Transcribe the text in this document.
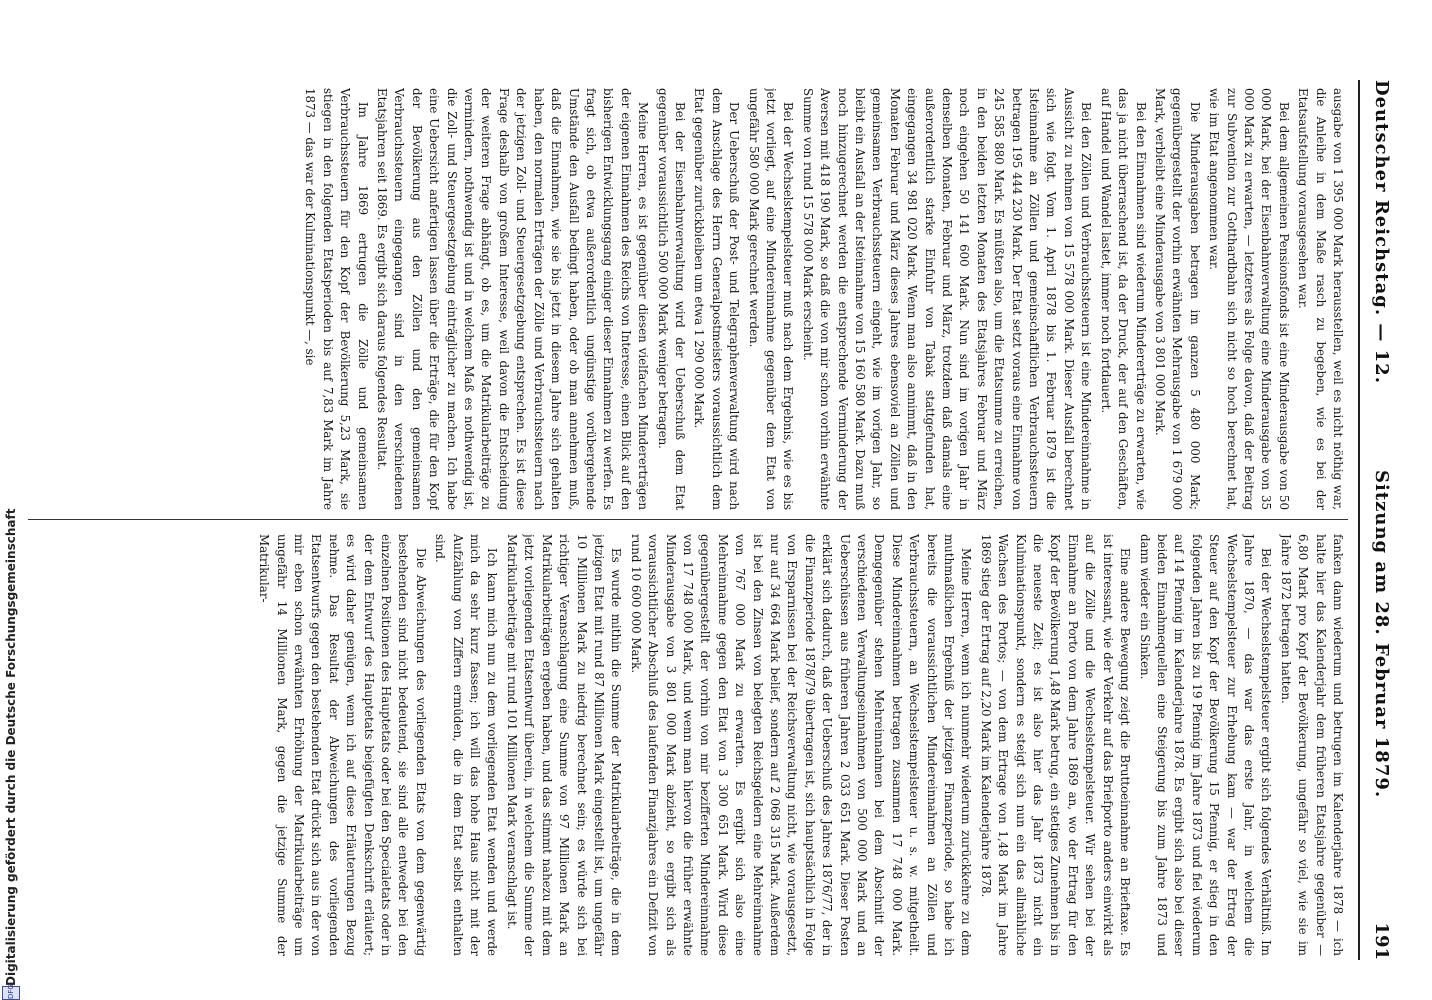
Deutscher Reichstag. — 12.
Sitzung am 28. Februar 1879.
191

ausgabe von 1 395 000 Mark herausstellen, weil es nicht nöthig war, die Anleihe in dem Maße rasch zu begeben, wie es bei der Etatsaufstellung vorausgesehen war.

Bei dem allgemeinen Pensionsfonds ist eine Minderausgabe von 50 000 Mark, bei der Eisenbahnverwaltung eine Minderausgabe von 35 000 Mark zu erwarten, — letzteres als Folge davon, daß der Beitrag zur Subvention zur Gotthardbahn sich nicht so hoch berechnet hat, wie im Etat angenommen war.

Die Minderausgaben betragen im ganzen 5 480 000 Mark; gegenübergestellt der vorhin erwähnten Mehrausgabe von 1 679 000 Mark, verbleibt eine Minderausgabe von 3 801 000 Mark.

Bei den Einnahmen sind wiederum Mindererträge zu erwarten, wie das ja nicht überraschend ist, da der Druck, der auf den Geschäften, auf Handel und Wandel lastet, immer noch fortdauert.

Bei den Zöllen und Verbrauchssteuern ist eine Mindereinnahme in Aussicht zu nehmen von 15 578 000 Mark. Dieser Ausfall berechnet sich wie folgt. Vom 1. April 1878 bis 1. Februar 1879 ist die Isteinnahme an Zöllen und gemeinschaftlichen Verbrauchssteuern betragen 195 444 230 Mark. Der Etat setzt voraus eine Einnahme von 245 585 880 Mark. Es müßten also, um die Etatsumme zu erreichen, in den beiden letzten Monaten des Etatsjahres Februar und März noch eingehen 50 141 600 Mark. Nun sind im vorigen Jahr in denselben Monaten, Februar und März, trotzdem daß damals eine außerordentlich starke Einfuhr von Tabak stattgefunden hat, eingegangen 34 981 020 Mark. Wenn man also annimmt, daß in den Monaten Februar und März dieses Jahres ebensoviel an Zöllen und gemeinsamen Verbrauchssteuern eingeht, wie im vorigen Jahr, so bleibt ein Ausfall an der Isteinnahme von 15 160 580 Mark. Dazu muß noch hinzugerechnet werden die entsprechende Verminderung der Aversen mit 418 190 Mark, so daß die von mir schon vorhin erwähnte Summe von rund 15 578 000 Mark erscheint.

Bei der Wechselstempelsteuer muß nach dem Ergebnis, wie es bis jetzt vorliegt, auf eine Mindereinnahme gegenüber dem Etat von ungefähr 580 000 Mark gerechnet werden.

Der Ueberschuß der Post- und Telegraphenverwaltung wird nach dem Anschlage des Herrn Generalpostmeisters voraussichtlich dem Etat gegenüber zurückbleiben um etwa 1 290 000 Mark.

Bei der Eisenbahnverwaltung wird der Ueberschuß dem Etat gegenüber voraussichtlich 500 000 Mark weniger betragen.

Meine Herren, es ist gegenüber diesen vielfachen Mindererträgen der eigenen Einnahmen des Reichs von Interesse, einen Blick auf den bisherigen Entwicklungsgang einiger dieser Einnahmen zu werfen. Es fragt sich, ob etwa außerordentlich ungünstige vorübergehende Umstände den Ausfall bedingt haben, oder ob man annehmen muß, daß die Einnahmen, wie sie bis jetzt in diesem Jahre sich gehalten haben, den normalen Erträgen der Zölle und Verbrauchssteuern nach der jetzigen Zoll- und Steuergesetzgebung entsprechen. Es ist diese Frage deshalb von großem Interesse, weil davon die Entscheidung der weiteren Frage abhängt, ob es, um die Matrikularbeiträge zu vermindern, nothwendig ist und in welchem Maß es nothwendig ist, die Zoll- und Steuergesetzgebung einträglicher zu machen. Ich habe eine Uebersicht anfertigen lassen über die Erträge, die für den Kopf der Bevölkerung aus den Zöllen und den gemeinsamen Verbrauchssteuern eingegangen sind in den verschiedenen Etatsjahren seit 1869. Es ergibt sich daraus folgendes Resultat.

Im Jahre 1869 ertrugen die Zölle und gemeinsamen Verbrauchssteuern für den Kopf der Bevölkerung 5,23 Mark, sie stiegen in den folgenden Etatsperioden bis auf 7,83 Mark im Jahre 1873 — das war der Kulminationspunkt —, sie

fanken dann wiederum und betrugen im Kalenderjahre 1878 — ich halte hier das Kalenderjahr dem früheren Etatsjahre gegenüber — 6,80 Mark pro Kopf der Bevölkerung, ungefähr so viel, wie sie im Jahre 1872 betragen hatten.

Bei der Wechselstempelsteuer ergibt sich folgendes Verhältniß. Im Jahre 1870, — das war das erste Jahr, in welchem die Wechselstempelsteuer zur Erhebung kam — war der Ertrag der Steuer auf den Kopf der Bevölkerung 15 Pfennig, er stieg in den folgenden Jahren bis zu 19 Pfennig im Jahre 1873 und fiel wiederum auf 14 Pfennig im Kalenderjahre 1878. Es ergibt sich also bei dieser beiden Einnahmequellen eine Steigerung bis zum Jahre 1873 und dann wieder ein Sinken.

Eine andere Bewegung zeigt die Bruttoeinnahme an Brieftaxe. Es ist interessant, wie der Verkehr auf das Briefporto anders einwirkt als auf die Zölle und die Wechselstempelsteuer. Wir sehen bei der Einnahme an Porto von dem Jahre 1869 an, wo der Ertrag für den Kopf der Bevölkerung 1,48 Mark betrug, ein stetiges Zunehmen bis in die neueste Zeit; es ist also hier das Jahr 1873 nicht ein Kulminationspunkt, sondern es steigt sich nun ein das allmähliche Wachsen des Portos; — von dem Ertrage von 1,48 Mark im Jahre 1869 stieg der Ertrag auf 2,20 Mark im Kalenderjahre 1878.

Meine Herren, wenn ich nunmehr wiederum zurückkehre zu dem muthmaßlichen Ergebniß der jetzigen Finanzperiode, so habe ich bereits die voraussichtlichen Mindereinnahmen an Zöllen und Verbrauchssteuern, an Wechselstempelsteuer u. s. w. mitgetheilt. Diese Mindereinnahmen betragen zusammen 17 748 000 Mark. Demgegenüber stehen Mehreinnahmen bei dem Abschnitt der verschiedenen Verwaltungseinnahmen von 500 000 Mark und an Ueberschüssen aus früheren Jahren 2 033 651 Mark. Dieser Posten erklärt sich dadurch, daß der Ueberschuß des Jahres 1876/77, der in die Finanzperiode 1878/79 übertragen ist, sich hauptsächlich in Folge von Ersparnissen bei der Reichsverwaltung nicht, wie vorausgesetzt, nur auf 34 664 Mark belief, sondern auf 2 068 315 Mark. Außerdem ist bei den Zinsen von belegten Reichsgeldern eine Mehreinnahme von 767 000 Mark zu erwarten. Es ergibt sich also eine Mehreinnahme gegen den Etat von 3 300 651 Mark. Wird diese gegenübergestellt der vorhin von mir bezifferten Mindereinnahme von 17 748 000 Mark, und wenn man hiervon die früher erwähnte Minderausgabe von 3 801 000 Mark abzieht, so ergibt sich als voraussichtlicher Abschluß des laufenden Finanzjahres ein Defizit von rund 10 600 000 Mark.

Es wurde mithin die Summe der Matrikularbeiträge, die in dem jetzigen Etat mit rund 87 Millionen Mark eingestellt ist, um ungefähr 10 Millionen Mark zu niedrig berechnet sein; es würde sich bei richtiger Veranschlagung eine Summe von 97 Millionen Mark an Matrikularbeiträgen ergeben haben, und das stimmt nahezu mit dem jetzt vorliegenden Etatsentwurf überein, in welchem die Summe der Matrikularbeiträge mit rund 101 Millionen Mark veranschlagt ist.

Ich kann mich nun zu dem vorliegenden Etat wenden und werde mich da sehr kurz fassen; ich will das hohe Haus nicht mit der Aufzählung von Ziffern ermüden, die in dem Etat selbst enthalten sind.

Die Abweichungen des vorliegenden Etats von dem gegenwärtig bestehenden sind nicht bedeutend, sie sind alle entweder bei den einzelnen Positionen des Hauptetats oder bei den Specialetats oder in der dem Entwurf des Hauptetats beigefügten Denkschrift erläutert; es wird daher genügen, wenn ich auf diese Erläuterungen Bezug nehme. Das Resultat der Abweichungen des vorliegenden Etatsentwurfs gegen den bestehenden Etat drückt sich aus in der von mir eben schon erwähnten Erhöhung der Matrikularbeiträge um ungefähr 14 Millionen Mark, gegen die jetzige Summe der Matrikular-

DFG
Digitalisierung gefördert durch die Deutsche Forschungsgemeinschaft
